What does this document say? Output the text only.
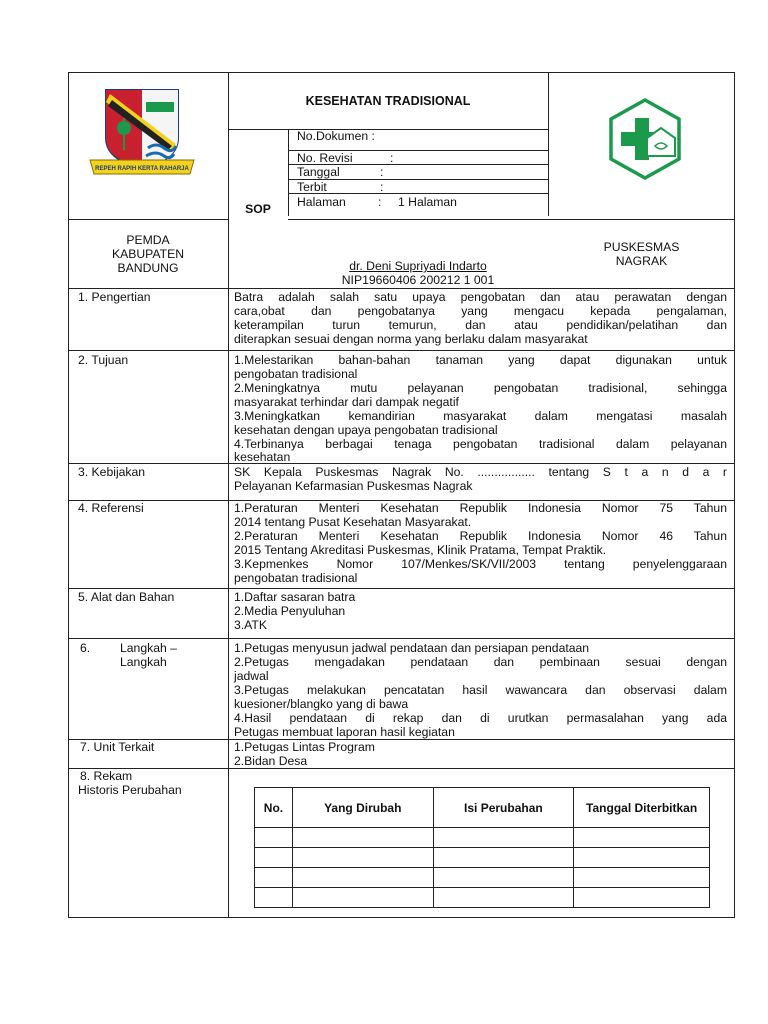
REPEH RAPIH KERTA RAHARJA
KESEHATAN TRADISIONAL
SOP
No.Dokumen :
No. Revisi	:
Tanggal	:
Terbit	:
Halaman	: 1 Halaman
PEMDA
KABUPATEN
BANDUNG	dr. Deni Supriyadi Indarto
NIP19660406 200212 1 001
PUSKESMAS
NAGRAK
1. Pengertian	Batra adalah salah satu upaya pengobatan dan atau perawatan dengan
cara,obat dan pengobatanya yang mengacu kepada pengalaman,
keterampilan turun temurun, dan atau pendidikan/pelatihan dan
diterapkan sesuai dengan norma yang berlaku dalam masyarakat
2. Tujuan	1.Melestarikan bahan-bahan tanaman yang dapat digunakan untuk
pengobatan tradisional
2.Meningkatnya mutu pelayanan pengobatan tradisional, sehingga
masyarakat terhindar dari dampak negatif
3.Meningkatkan kemandirian masyarakat dalam mengatasi masalah
kesehatan dengan upaya pengobatan tradisional
4.Terbinanya berbagai tenaga pengobatan tradisional dalam pelayanan
kesehatan
3. Kebijakan	SK Kepala Puskesmas Nagrak No. ................. tentang S t a n d a r
Pelayanan Kefarmasian Puskesmas Nagrak
4. Referensi	1.Peraturan Menteri Kesehatan Republik Indonesia Nomor 75 Tahun
2014 tentang Pusat Kesehatan Masyarakat.
2.Peraturan Menteri Kesehatan Republik Indonesia Nomor 46 Tahun
2015 Tentang Akreditasi Puskesmas, Klinik Pratama, Tempat Praktik.
3.Kepmenkes Nomor 107/Menkes/SK/VII/2003 tentang penyelenggaraan
pengobatan tradisional
5. Alat dan Bahan	1.Daftar sasaran batra
2.Media Penyuluhan
3.ATK
6. Langkah –
Langkah
1.Petugas menyusun jadwal pendataan dan persiapan pendataan
2.Petugas mengadakan pendataan dan pembinaan sesuai dengan
jadwal
3.Petugas melakukan pencatatan hasil wawancara dan observasi dalam
kuesioner/blangko yang di bawa
4.Hasil pendataan di rekap dan di urutkan permasalahan yang ada
Petugas membuat laporan hasil kegiatan
7. Unit Terkait	1.Petugas Lintas Program
2.Bidan Desa
8. Rekam
Historis Perubahan
No.	Yang Dirubah	Isi Perubahan	Tanggal Diterbitkan
